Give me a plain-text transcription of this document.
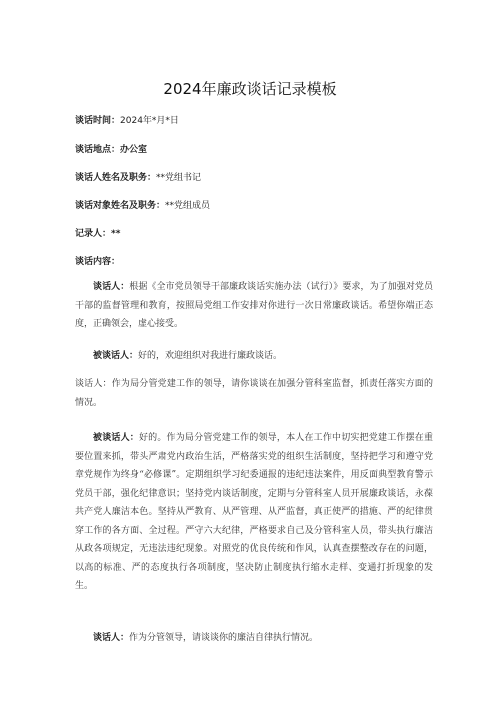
2024年廉政谈话记录模板
谈话时间：2024年*月*日
谈话地点：办公室
谈话人姓名及职务：**党组书记
谈话对象姓名及职务：**党组成员
记录人：**
谈话内容：
谈话人：根据《全市党员领导干部廉政谈话实施办法（试行）》要求，为了加强对党员干部的监督管理和教育，按照局党组工作安排对你进行一次日常廉政谈话。希望你端正态度，正确领会，虚心接受。
被谈话人：好的，欢迎组织对我进行廉政谈话。
谈话人：作为局分管党建工作的领导，请你谈谈在加强分管科室监督，抓责任落实方面的情况。
被谈话人：好的。作为局分管党建工作的领导，本人在工作中切实把党建工作摆在重要位置来抓，带头严肃党内政治生活，严格落实党的组织生活制度，坚持把学习和遵守党章党规作为终身“必修课”。定期组织学习纪委通报的违纪违法案件，用反面典型教育警示党员干部，强化纪律意识；坚持党内谈话制度，定期与分管科室人员开展廉政谈话，永葆共产党人廉洁本色。坚持从严教育、从严管理、从严监督，真正使严的措施、严的纪律贯穿工作的各方面、全过程。严守六大纪律，严格要求自己及分管科室人员，带头执行廉洁从政各项规定，无违法违纪现象。对照党的优良传统和作风，认真查摆整改存在的问题，以高的标准、严的态度执行各项制度，坚决防止制度执行缩水走样、变通打折现象的发生。
谈话人：作为分管领导，请谈谈你的廉洁自律执行情况。
